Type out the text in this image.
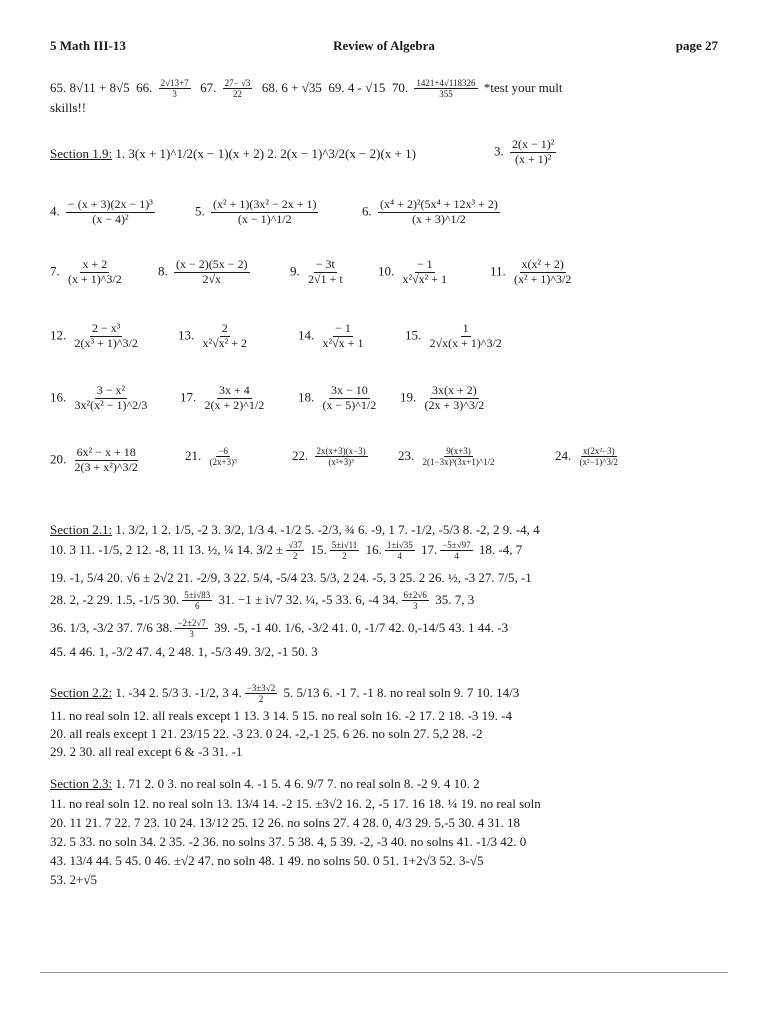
5 Math III-13	Review of Algebra	page 27
65. 8√11 + 8√5 66. $\frac{2√13+7}{3} 67$. $\frac{27- √3}{22} 68$. 6 + √35 69. 4 - √15 70. $\frac{1421+4√118326}{355}$ *test your mult
skills!!
Section 1.9: 1. 3(x + 1)^1/2(x − 1)(x + 2) 2. 2(x − 1)^3/2(x − 2)(x + 1)	3. $\frac{\text{2(x − 1)²}}{\text{(x + 1)²}}$
4. $\frac{\text{− (x + 3)(2x − 1)³}}{\text{(x − 4)²}}$	5. $\frac{\text{(x² + 1)(3x² − 2x + 1)}}{(x - 1)\^{}1/2}$	6. $\frac{\text{(x⁴ + 2)²(5x⁴ + 12x³ + 2)}}{(x + 3)\^{}1/2}$
7. $\frac{x + 2}{(x + 1)\^{}3/2}$	8. $\frac{(x - 2)(5x - 2)}{2√x}$	9. $\frac{- 3t}{2√1 + t}$	10. $\frac{- 1}{\text{x²√x² + 1}}$	11. $\frac{\text{x(x² + 2)}}{\text{(x² + 1)\textasciicircum{}3/2}}$
12. $\frac{\text{2 − x³}}{\text{2(x³ + 1)\textasciicircum{}3/2}}$	13. $\frac{2}{\text{x²√x² + 2}}$	14. $\frac{- 1}{\text{x²√x + 1}}$	15. $\frac{1}{2√x(x + 1)\^{}3/2}$
16. $\frac{\text{3 − x²}}{\text{3x²(x² − 1)\textasciicircum{}2/3}} 17$. $\frac{3x + 4}{2(x + 2)\^{}1/2} 18$. $\frac{3x - 10}{(x - 5)\^{}1/2} 19$. $\frac{3x(x + 2)}{(2x + 3)\^{}3/2}$
20. $\frac{\text{6x² − x + 18}}{\text{2(3 + x²)\textasciicircum{}3/2}}$	21. $\frac{-6}{\text{(2x+3)³}}$	22. $\frac{2x(x+3)(x-3)}{\text{(x²+3)³}} 23$. $\frac{9(x+3)}{\text{2(1−3x)³(3x+1)\textasciicircum{}1/2}}$	24. $\frac{\text{x(2x²−3)}}{\text{(x²−1)\textasciicircum{}3/2}}$
Section 2.1: 1. 3/2, 1 2. 1/5, -2 3. 3/2, 1/3 4. -1/2 5. -2/3, ¾ 6. -9, 1 7. -1/2, -5/3 8. -2, 2 9. -4, 4
10. 3 11. -1/5, 2 12. -8, 11 13. ½, ¼ 14. $3/2 \pm \frac{√37}{2} 15$. $\frac{5\pm i√11}{2} 16$. $\frac{1\pm i√35}{4} 17$. $\frac{-5\pm√97}{4} 18$. -4, 7
19. -1, 5/4 20. √6 ± 2√2 21. -2/9, 3 22. 5/4, -5/4 23. 5/3, 2 24. -5, 3 25. 2 26. ½, -3 27. 7/5, -1
28. 2, -2 29. 1.5, -1/5 30. $\frac{5\pm i√83}{6} 31$. −1 ± i√7 32. ¼, -5 33. 6, -4 34. $\frac{6\pm 2√6}{3} 35$. 7, 3
36. 1/3, -3/2 37. 7/6 38. $\frac{-2\pm 2√7}{3} 39$. -5, -1 40. 1/6, -3/2 41. 0, -1/7 42. 0,-14/5 43. 1 44. -3
45. 4 46. 1, -3/2 47. 4, 2 48. 1, -5/3 49. 3/2, -1 50. 3
Section 2.2: 1. -34 2. 5/3 3. -1/2, 3 4. $\frac{-3\pm 3√2}{2} 5$. 5/13 6. -1 7. -1 8. no real soln 9. 7 10. 14/3
11. no real soln 12. all reals except 1 13. 3 14. 5 15. no real soln 16. -2 17. 2 18. -3 19. -4
20. all reals except 1 21. 23/15 22. -3 23. 0 24. -2,-1 25. 6 26. no soln 27. 5,2 28. -2
29. 2 30. all real except 6 & -3 31. -1
Section 2.3: 1. 71 2. 0 3. no real soln 4. -1 5. 4 6. 9/7 7. no real soln 8. -2 9. 4 10. 2
11. no real soln 12. no real soln 13. 13/4 14. -2 15. ±3√2 16. 2, -5 17. 16 18. ¼ 19. no real soln
20. 11 21. 7 22. 7 23. 10 24. 13/12 25. 12 26. no solns 27. 4 28. 0, 4/3 29. 5,-5 30. 4 31. 18
32. 5 33. no soln 34. 2 35. -2 36. no solns 37. 5 38. 4, 5 39. -2, -3 40. no solns 41. -1/3 42. 0
43. 13/4 44. 5 45. 0 46. ±√2 47. no soln 48. 1 49. no solns 50. 0 51. 1+2√3 52. 3-√5
53. 2+√5
